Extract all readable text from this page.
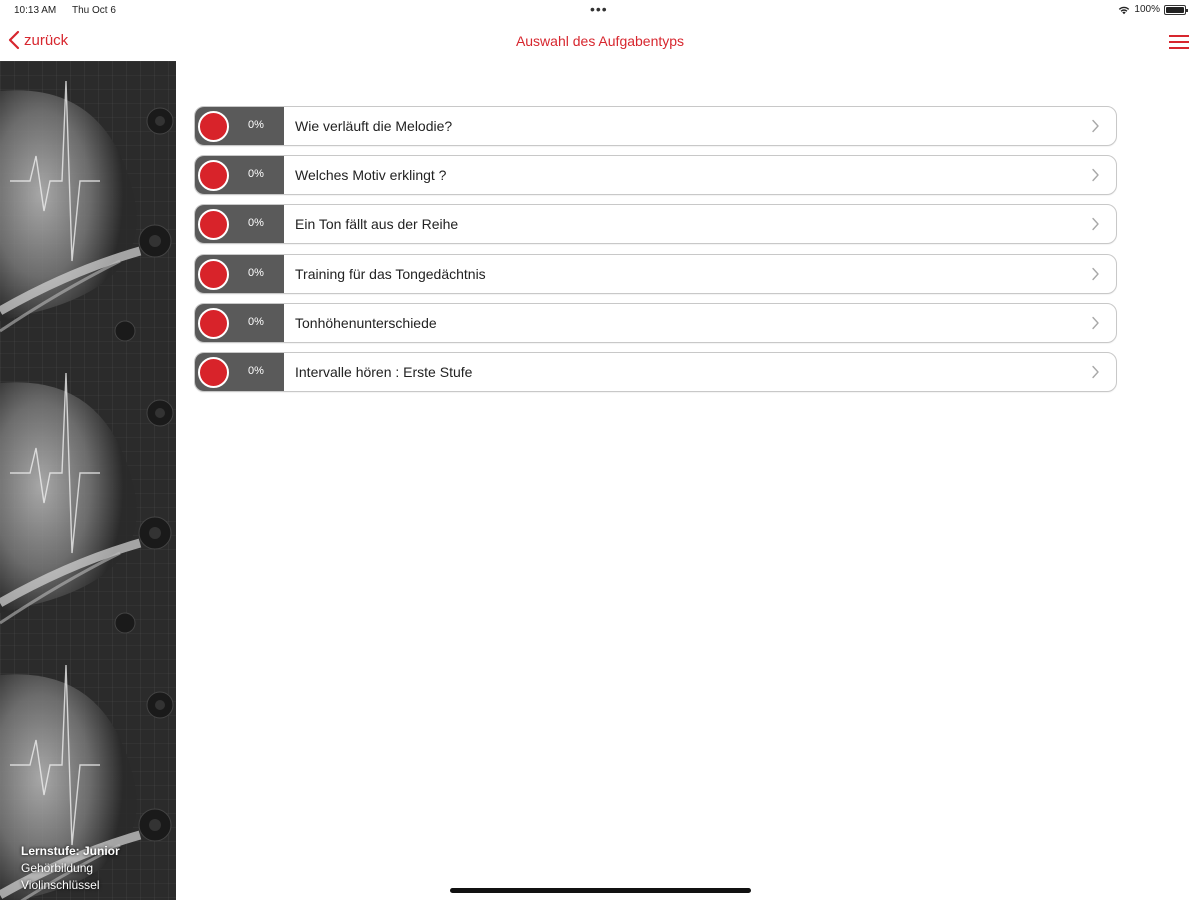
10:13 AM Thu Oct 6	•••	100%
zurück	Auswahl des Aufgabentyps
Lernstufe: Junior
Gehörbildung
Violinschlüssel
0% Wie verläuft die Melodie?
0% Welches Motiv erklingt ?
0% Ein Ton fällt aus der Reihe
0% Training für das Tongedächtnis
0% Tonhöhenunterschiede
0% Intervalle hören : Erste Stufe
